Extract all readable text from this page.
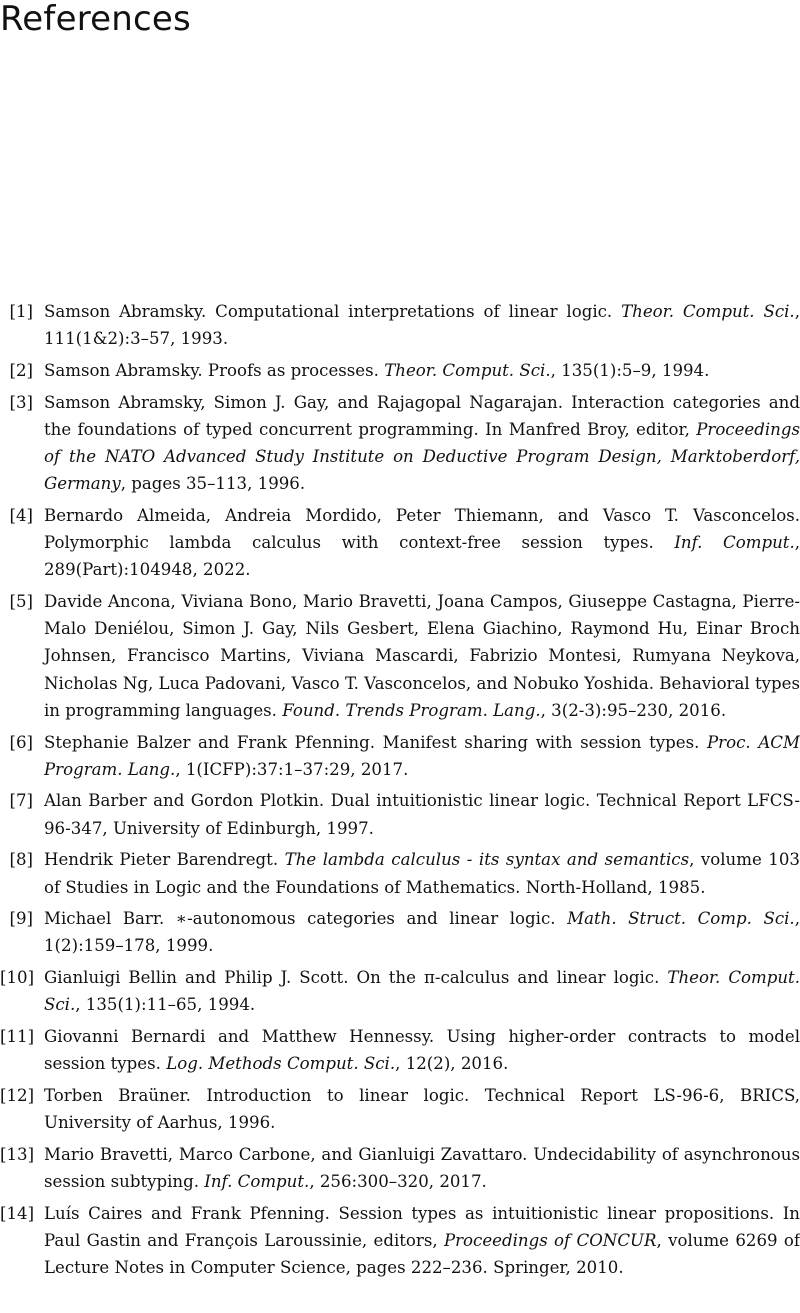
References
[1] Samson Abramsky. Computational interpretations of linear logic. Theor. Comput. Sci., 111(1&2):3–57, 1993.
[2] Samson Abramsky. Proofs as processes. Theor. Comput. Sci., 135(1):5–9, 1994.
[3] Samson Abramsky, Simon J. Gay, and Rajagopal Nagarajan. Interaction categories and the foundations of typed concurrent programming. In Manfred Broy, editor, Proceedings of the NATO Advanced Study Institute on Deductive Program Design, Marktoberdorf, Germany, pages 35–113, 1996.
[4] Bernardo Almeida, Andreia Mordido, Peter Thiemann, and Vasco T. Vasconcelos. Polymorphic lambda calculus with context-free session types. Inf. Comput., 289(Part):104948, 2022.
[5] Davide Ancona, Viviana Bono, Mario Bravetti, Joana Campos, Giuseppe Castagna, Pierre-Malo Deniélou, Simon J. Gay, Nils Gesbert, Elena Giachino, Raymond Hu, Einar Broch Johnsen, Francisco Martins, Viviana Mascardi, Fabrizio Montesi, Rumyana Neykova, Nicholas Ng, Luca Padovani, Vasco T. Vasconcelos, and Nobuko Yoshida. Behavioral types in programming languages. Found. Trends Program. Lang., 3(2-3):95–230, 2016.
[6] Stephanie Balzer and Frank Pfenning. Manifest sharing with session types. Proc. ACM Program. Lang., 1(ICFP):37:1–37:29, 2017.
[7] Alan Barber and Gordon Plotkin. Dual intuitionistic linear logic. Technical Report LFCS-96-347, University of Edinburgh, 1997.
[8] Hendrik Pieter Barendregt. The lambda calculus - its syntax and semantics, volume 103 of Studies in Logic and the Foundations of Mathematics. North-Holland, 1985.
[9] Michael Barr. ∗-autonomous categories and linear logic. Math. Struct. Comp. Sci., 1(2):159–178, 1999.
[10] Gianluigi Bellin and Philip J. Scott. On the π-calculus and linear logic. Theor. Comput. Sci., 135(1):11–65, 1994.
[11] Giovanni Bernardi and Matthew Hennessy. Using higher-order contracts to model session types. Log. Methods Comput. Sci., 12(2), 2016.
[12] Torben Braüner. Introduction to linear logic. Technical Report LS-96-6, BRICS, University of Aarhus, 1996.
[13] Mario Bravetti, Marco Carbone, and Gianluigi Zavattaro. Undecidability of asynchronous session subtyping. Inf. Comput., 256:300–320, 2017.
[14] Luís Caires and Frank Pfenning. Session types as intuitionistic linear propositions. In Paul Gastin and François Laroussinie, editors, Proceedings of CONCUR, volume 6269 of Lecture Notes in Computer Science, pages 222–236. Springer, 2010.
